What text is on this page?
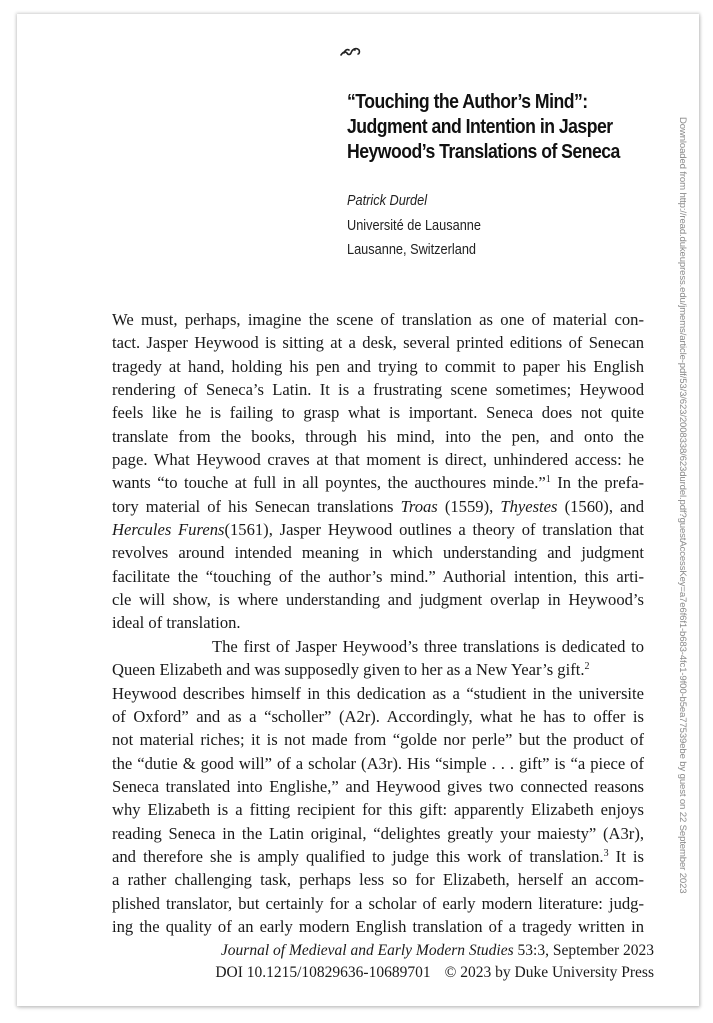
“Touching the Author’s Mind”:
Judgment and Intention in Jasper
Heywood’s Translations of Seneca
Patrick Durdel
Université de Lausanne
Lausanne, Switzerland
We must, perhaps, imagine the scene of translation as one of material con-
tact. Jasper Heywood is sitting at a desk, several printed editions of Senecan
tragedy at hand, holding his pen and trying to commit to paper his English
rendering of Seneca’s Latin. It is a frustrating scene sometimes; Heywood
feels like he is failing to grasp what is important. Seneca does not quite
translate from the books, through his mind, into the pen, and onto the
page. What Heywood craves at that moment is direct, unhindered access: he
wants “to touche at full in all poyntes, the aucthoures minde.”$^1$ In the prefa-
tory material of his Senecan translations Troas (1559), Thyestes (1560), and
Hercules Furens(1561), Jasper Heywood outlines a theory of translation that
revolves around intended meaning in which understanding and judgment
facilitate the “touching of the author’s mind.” Authorial intention, this arti-
cle will show, is where understanding and judgment overlap in Heywood’s
ideal of translation.
The first of Jasper Heywood’s three translations is dedicated to
Queen Elizabeth and was supposedly given to her as a New Year’s gift.$^2$
Heywood describes himself in this dedication as a “studient in the universite
of Oxford” and as a “scholler” (A2r). Accordingly, what he has to offer is
not material riches; it is not made from “golde nor perle” but the product of
the “dutie & good will” of a scholar (A3r). His “simple . . . gift” is “a piece of
Seneca translated into Englishe,” and Heywood gives two connected reasons
why Elizabeth is a fitting recipient for this gift: apparently Elizabeth enjoys
reading Seneca in the Latin original, “delightes greatly your maiesty” (A3r),
and therefore she is amply qualified to judge this work of translation.$^3$ It is
a rather challenging task, perhaps less so for Elizabeth, herself an accom-
plished translator, but certainly for a scholar of early modern literature: judg-
ing the quality of an early modern English translation of a tragedy written in
Journal of Medieval and Early Modern Studies 53:3, September 2023
DOI 10.1215/10829636-10689701 © 2023 by Duke University Press
Downloaded from http://read.dukeupress.edu/jmems/article-pdf/53/3/623/2008338/623durdel.pdf?guestAccessKey=a7e6f6f1-b683-4fc1-9f00-b5ea77539ebe by guest on 22 September 2023
